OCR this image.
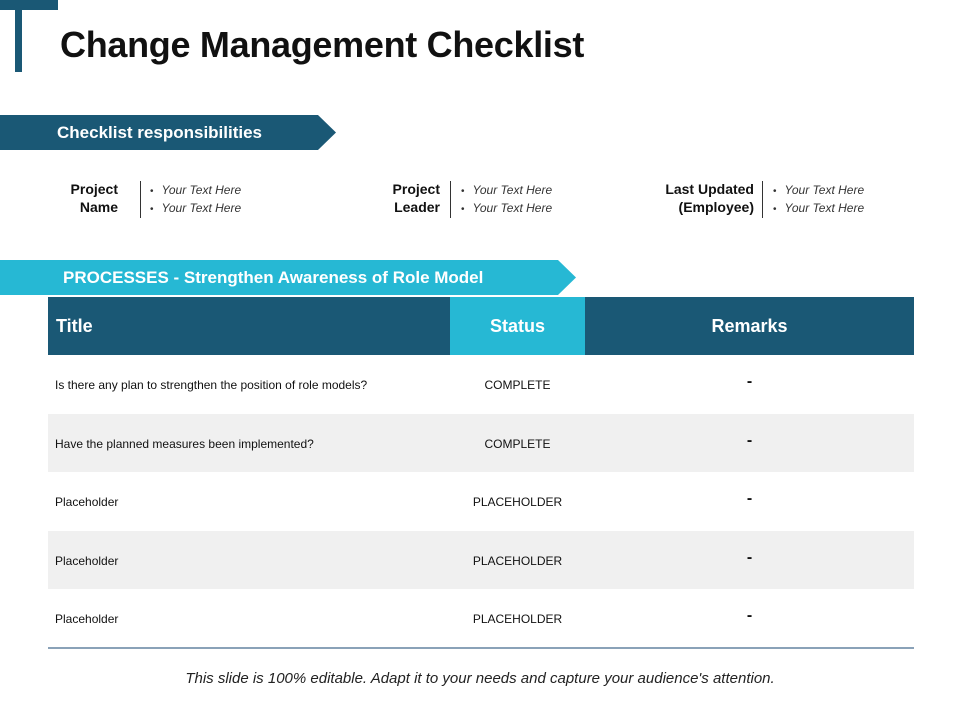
Change Management Checklist
Checklist responsibilities
Project
Name
• Your Text Here
• Your Text Here
Project
Leader
• Your Text Here
• Your Text Here
Last Updated
(Employee)
• Your Text Here
• Your Text Here
PROCESSES - Strengthen Awareness of Role Model
Title	Status	Remarks
Is there any plan to strengthen the position of role models?	COMPLETE	-
Have the planned measures been implemented?	COMPLETE	-
Placeholder	PLACEHOLDER	-
Placeholder	PLACEHOLDER	-
Placeholder	PLACEHOLDER	-
This slide is 100% editable. Adapt it to your needs and capture your audience's attention.
